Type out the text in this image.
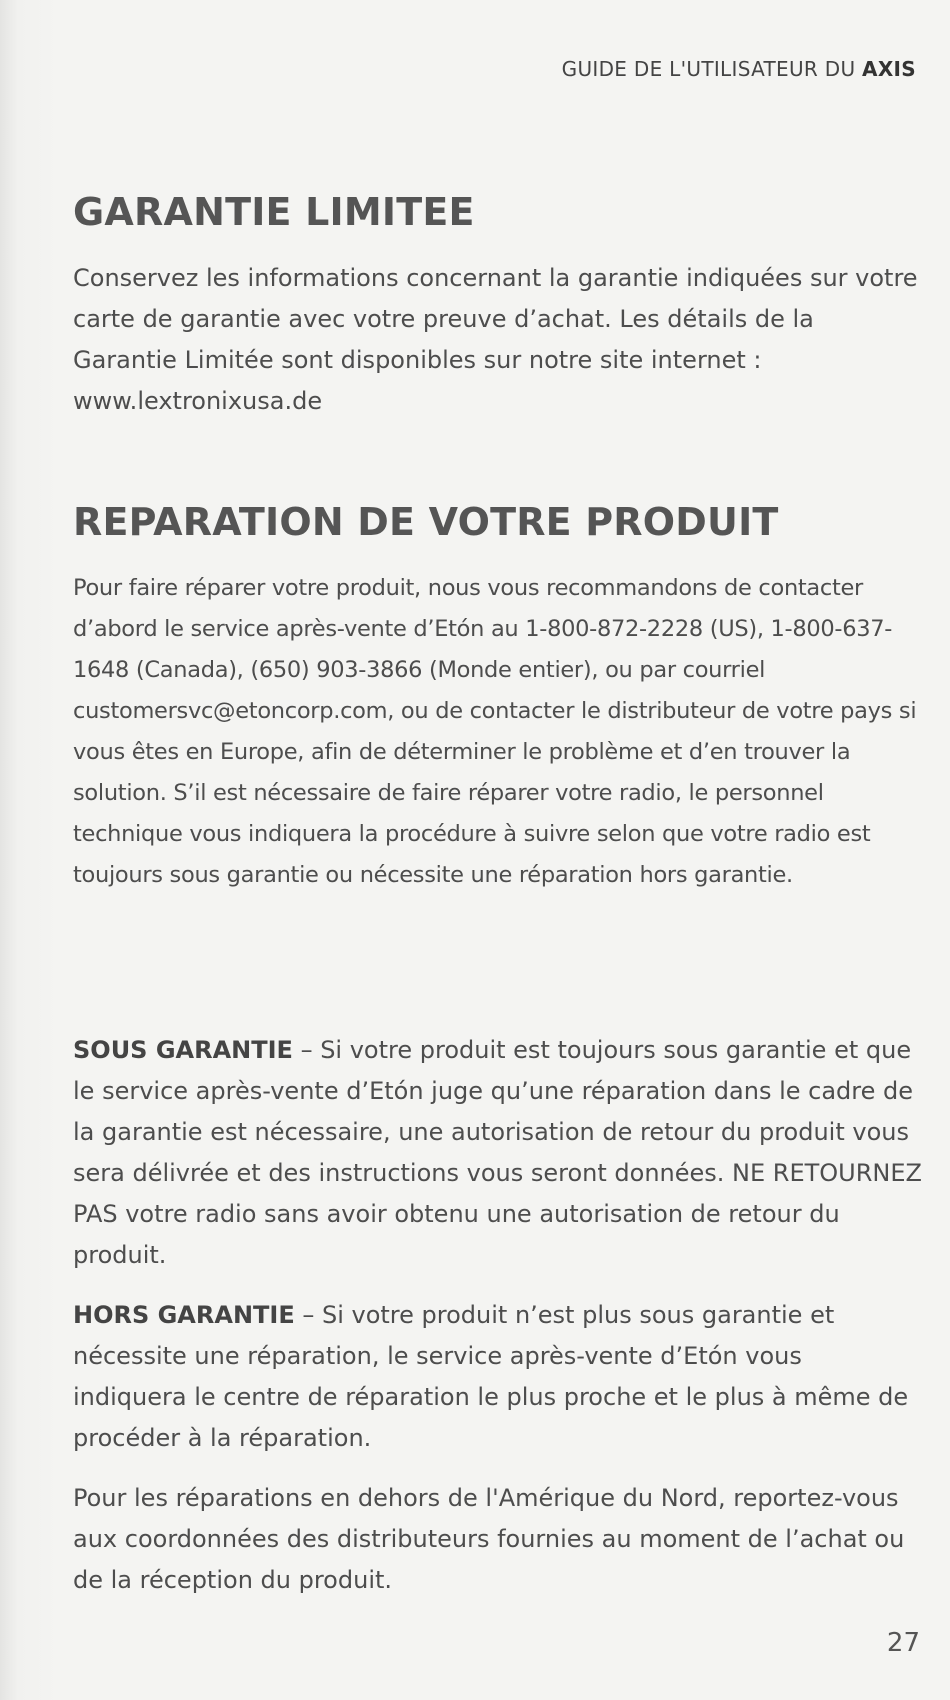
GUIDE DE L'UTILISATEUR DU AXIS
GARANTIE LIMITEE

Conservez les informations concernant la garantie indiquées sur votre carte de garantie avec votre preuve d’achat. Les détails de la Garantie Limitée sont disponibles sur notre site internet : www.lextronixusa.de

REPARATION DE VOTRE PRODUIT

Pour faire réparer votre produit, nous vous recommandons de contacter d’abord le service après-vente d’Etón au 1-800-872-2228 (US), 1-800-637-1648 (Canada), (650) 903-3866 (Monde entier), ou par courriel customersvc@etoncorp.com, ou de contacter le distributeur de votre pays si vous êtes en Europe, afin de déterminer le problème et d’en trouver la solution. S’il est nécessaire de faire réparer votre radio, le personnel technique vous indiquera la procédure à suivre selon que votre radio est toujours sous garantie ou nécessite une réparation hors garantie.

SOUS GARANTIE – Si votre produit est toujours sous garantie et que le service après-vente d’Etón juge qu’une réparation dans le cadre de la garantie est nécessaire, une autorisation de retour du produit vous sera délivrée et des instructions vous seront données. NE RETOURNEZ PAS votre radio sans avoir obtenu une autorisation de retour du produit.

HORS GARANTIE – Si votre produit n’est plus sous garantie et nécessite une réparation, le service après-vente d’Etón vous indiquera le centre de réparation le plus proche et le plus à même de procéder à la réparation.

Pour les réparations en dehors de l'Amérique du Nord, reportez-vous aux coordonnées des distributeurs fournies au moment de l’achat ou de la réception du produit.

27
